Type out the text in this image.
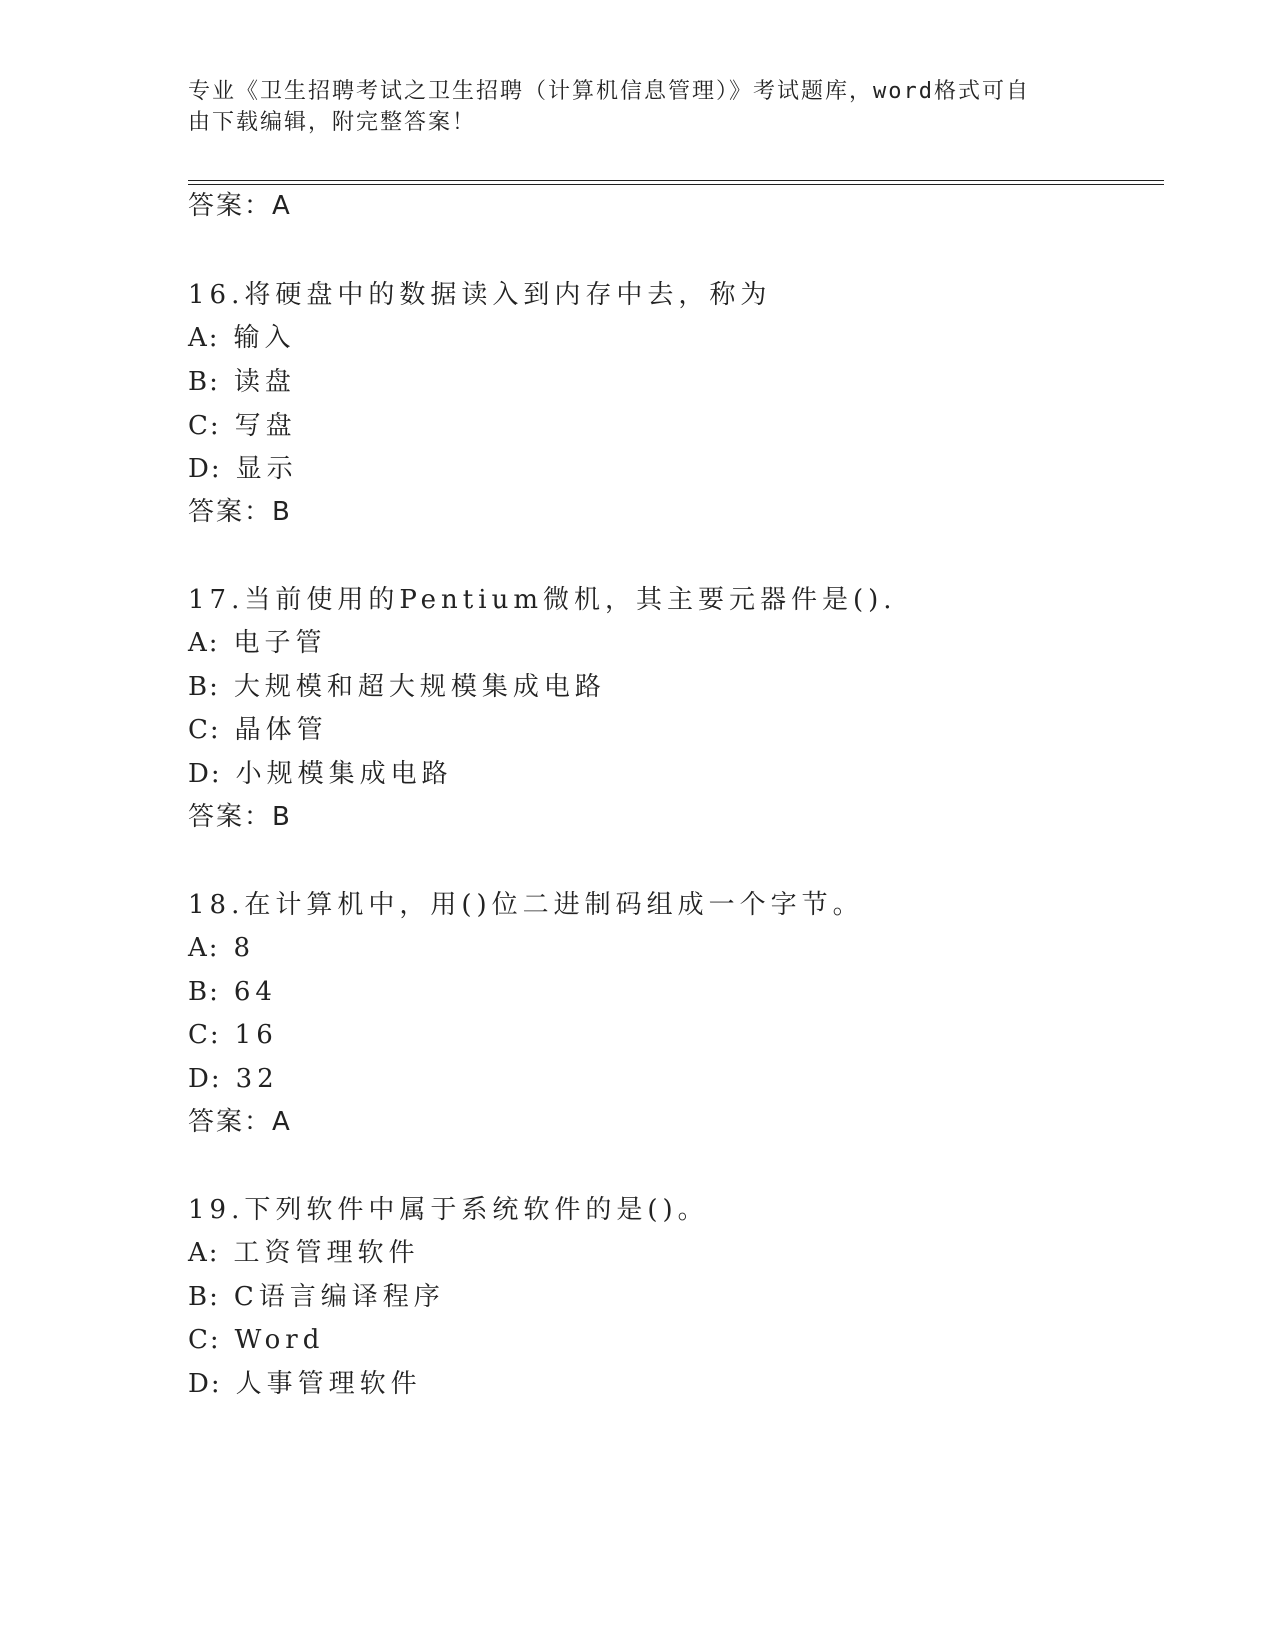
专业《卫生招聘考试之卫生招聘（计算机信息管理）》考试题库，word格式可自
由下载编辑，附完整答案！
答案：A
16.将硬盘中的数据读入到内存中去，称为
A: 输入
B: 读盘
C: 写盘
D: 显示
答案：B
17.当前使用的Pentium微机，其主要元器件是().
A: 电子管
B: 大规模和超大规模集成电路
C: 晶体管
D: 小规模集成电路
答案：B
18.在计算机中，用()位二进制码组成一个字节。
A: 8
B: 64
C: 16
D: 32
答案：A
19.下列软件中属于系统软件的是()。
A: 工资管理软件
B: C语言编译程序
C: Word
D: 人事管理软件
